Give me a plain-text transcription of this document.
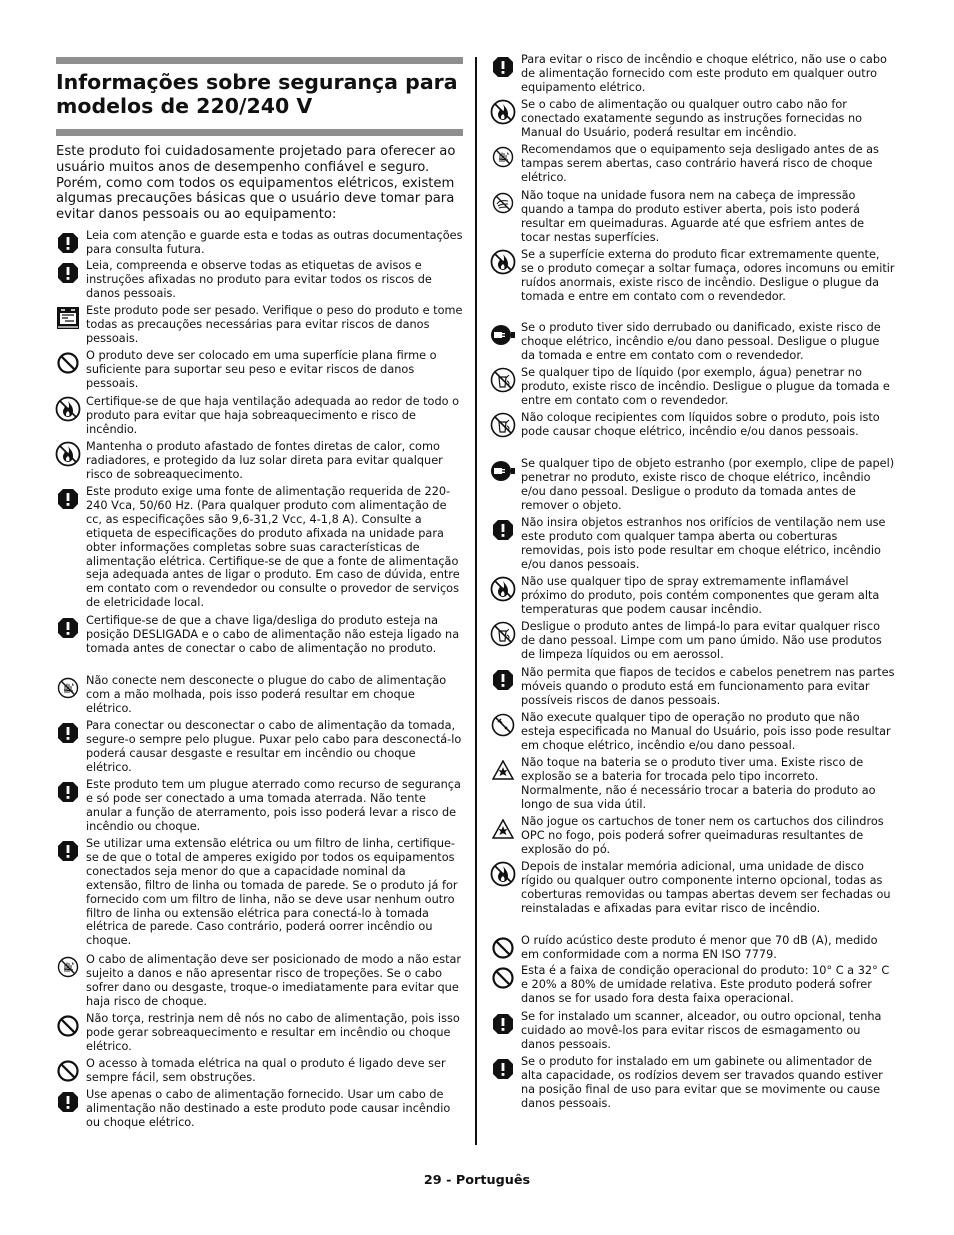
Informações sobre segurança para modelos de 220/240 V

Este produto foi cuidadosamente projetado para oferecer ao usuário muitos anos de desempenho confiável e seguro. Porém, como com todos os equipamentos elétricos, existem algumas precauções básicas que o usuário deve tomar para evitar danos pessoais ou ao equipamento:

Leia com atenção e guarde esta e todas as outras documentações para consulta futura.
Leia, compreenda e observe todas as etiquetas de avisos e instruções afixadas no produto para evitar todos os riscos de danos pessoais.
Este produto pode ser pesado. Verifique o peso do produto e tome todas as precauções necessárias para evitar riscos de danos pessoais.
O produto deve ser colocado em uma superfície plana firme o suficiente para suportar seu peso e evitar riscos de danos pessoais.
Certifique-se de que haja ventilação adequada ao redor de todo o produto para evitar que haja sobreaquecimento e risco de incêndio.
Mantenha o produto afastado de fontes diretas de calor, como radiadores, e protegido da luz solar direta para evitar qualquer risco de sobreaquecimento.
Este produto exige uma fonte de alimentação requerida de 220-240 Vca, 50/60 Hz. (Para qualquer produto com alimentação de cc, as especificações são 9,6-31,2 Vcc, 4-1,8 A). Consulte a etiqueta de especificações do produto afixada na unidade para obter informações completas sobre suas características de alimentação elétrica. Certifique-se de que a fonte de alimentação seja adequada antes de ligar o produto. Em caso de dúvida, entre em contato com o revendedor ou consulte o provedor de serviços de eletricidade local.
Certifique-se de que a chave liga/desliga do produto esteja na posição DESLIGADA e o cabo de alimentação não esteja ligado na tomada antes de conectar o cabo de alimentação no produto.
Não conecte nem desconecte o plugue do cabo de alimentação com a mão molhada, pois isso poderá resultar em choque elétrico.
Para conectar ou desconectar o cabo de alimentação da tomada, segure-o sempre pelo plugue. Puxar pelo cabo para desconectá-lo poderá causar desgaste e resultar em incêndio ou choque elétrico.
Este produto tem um plugue aterrado como recurso de segurança e só pode ser conectado a uma tomada aterrada. Não tente anular a função de aterramento, pois isso poderá levar a risco de incêndio ou choque.
Se utilizar uma extensão elétrica ou um filtro de linha, certifique-se de que o total de amperes exigido por todos os equipamentos conectados seja menor do que a capacidade nominal da extensão, filtro de linha ou tomada de parede. Se o produto já for fornecido com um filtro de linha, não se deve usar nenhum outro filtro de linha ou extensão elétrica para conectá-lo à tomada elétrica de parede. Caso contrário, poderá oorrer incêndio ou choque.
O cabo de alimentação deve ser posicionado de modo a não estar sujeito a danos e não apresentar risco de tropeções. Se o cabo sofrer dano ou desgaste, troque-o imediatamente para evitar que haja risco de choque.
Não torça, restrinja nem dê nós no cabo de alimentação, pois isso pode gerar sobreaquecimento e resultar em incêndio ou choque elétrico.
O acesso à tomada elétrica na qual o produto é ligado deve ser sempre fácil, sem obstruções.
Use apenas o cabo de alimentação fornecido. Usar um cabo de alimentação não destinado a este produto pode causar incêndio ou choque elétrico.
Para evitar o risco de incêndio e choque elétrico, não use o cabo de alimentação fornecido com este produto em qualquer outro equipamento elétrico.
Se o cabo de alimentação ou qualquer outro cabo não for conectado exatamente segundo as instruções fornecidas no Manual do Usuário, poderá resultar em incêndio.
Recomendamos que o equipamento seja desligado antes de as tampas serem abertas, caso contrário haverá risco de choque elétrico.
Não toque na unidade fusora nem na cabeça de impressão quando a tampa do produto estiver aberta, pois isto poderá resultar em queimaduras. Aguarde até que esfriem antes de tocar nestas superfícies.
Se a superfície externa do produto ficar extremamente quente, se o produto começar a soltar fumaça, odores incomuns ou emitir ruídos anormais, existe risco de incêndio. Desligue o plugue da tomada e entre em contato com o revendedor.
Se o produto tiver sido derrubado ou danificado, existe risco de choque elétrico, incêndio e/ou dano pessoal. Desligue o plugue da tomada e entre em contato com o revendedor.
Se qualquer tipo de líquido (por exemplo, água) penetrar no produto, existe risco de incêndio. Desligue o plugue da tomada e entre em contato com o revendedor.
Não coloque recipientes com líquidos sobre o produto, pois isto pode causar choque elétrico, incêndio e/ou danos pessoais.
Se qualquer tipo de objeto estranho (por exemplo, clipe de papel) penetrar no produto, existe risco de choque elétrico, incêndio e/ou dano pessoal. Desligue o produto da tomada antes de remover o objeto.
Não insira objetos estranhos nos orifícios de ventilação nem use este produto com qualquer tampa aberta ou coberturas removidas, pois isto pode resultar em choque elétrico, incêndio e/ou danos pessoais.
Não use qualquer tipo de spray extremamente inflamável próximo do produto, pois contém componentes que geram alta temperaturas que podem causar incêndio.
Desligue o produto antes de limpá-lo para evitar qualquer risco de dano pessoal. Limpe com um pano úmido. Não use produtos de limpeza líquidos ou em aerossol.
Não permita que fiapos de tecidos e cabelos penetrem nas partes móveis quando o produto está em funcionamento para evitar possíveis riscos de danos pessoais.
Não execute qualquer tipo de operação no produto que não esteja especificada no Manual do Usuário, pois isso pode resultar em choque elétrico, incêndio e/ou dano pessoal.
Não toque na bateria se o produto tiver uma. Existe risco de explosão se a bateria for trocada pelo tipo incorreto. Normalmente, não é necessário trocar a bateria do produto ao longo de sua vida útil.
Não jogue os cartuchos de toner nem os cartuchos dos cilindros OPC no fogo, pois poderá sofrer queimaduras resultantes de explosão do pó.
Depois de instalar memória adicional, uma unidade de disco rígido ou qualquer outro componente interno opcional, todas as coberturas removidas ou tampas abertas devem ser fechadas ou reinstaladas e afixadas para evitar risco de incêndio.
O ruído acústico deste produto é menor que 70 dB (A), medido em conformidade com a norma EN ISO 7779.
Esta é a faixa de condição operacional do produto: 10° C a 32° C e 20% a 80% de umidade relativa. Este produto poderá sofrer danos se for usado fora desta faixa operacional.
Se for instalado um scanner, alceador, ou outro opcional, tenha cuidado ao movê-los para evitar riscos de esmagamento ou danos pessoais.
Se o produto for instalado em um gabinete ou alimentador de alta capacidade, os rodízios devem ser travados quando estiver na posição final de uso para evitar que se movimente ou cause danos pessoais.
29 - Português
